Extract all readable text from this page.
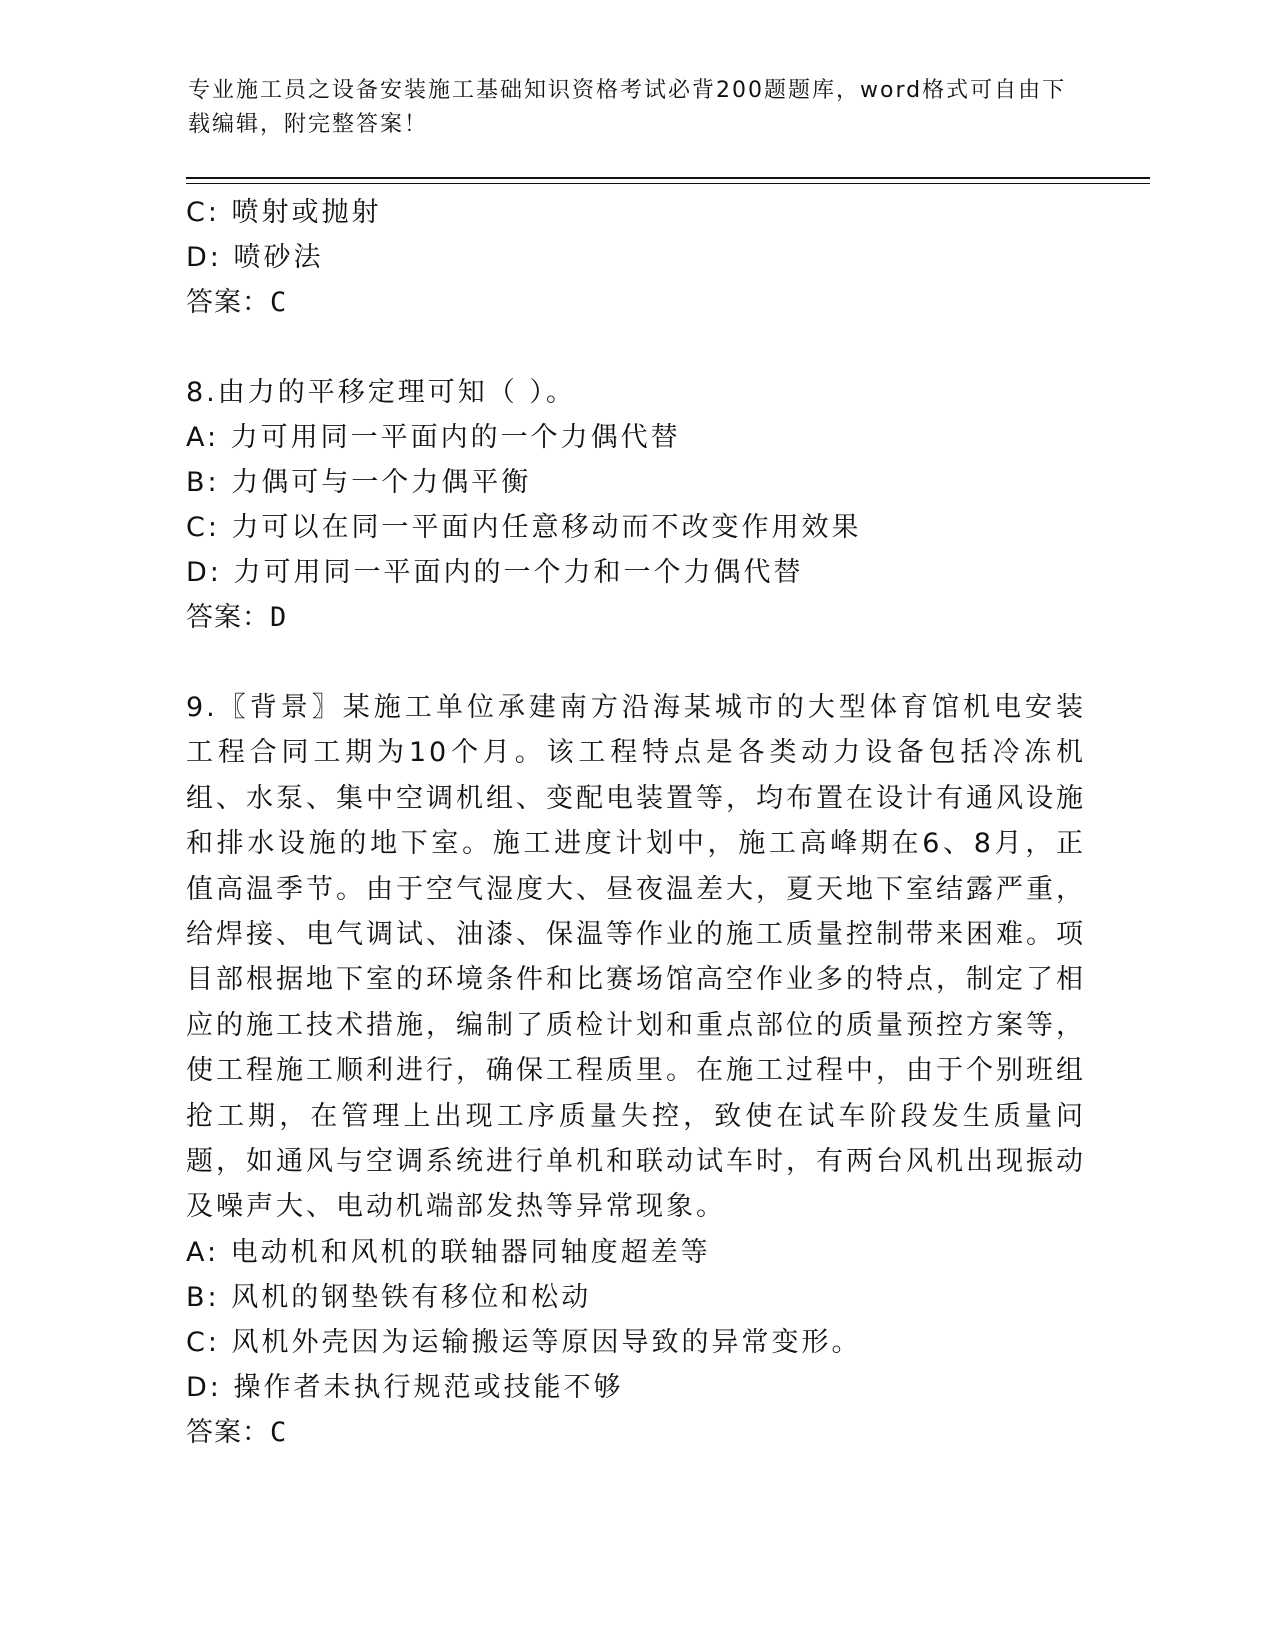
专业施工员之设备安装施工基础知识资格考试必背200题题库，word格式可自由下载编辑，附完整答案！
C: 喷射或抛射
D: 喷砂法
答案：C
8.由力的平移定理可知（ ）。
A: 力可用同一平面内的一个力偶代替
B: 力偶可与一个力偶平衡
C: 力可以在同一平面内任意移动而不改变作用效果
D: 力可用同一平面内的一个力和一个力偶代替
答案：D

9.〖背景〗某施工单位承建南方沿海某城市的大型体育馆机电安装工程合同工期为10个月。该工程特点是各类动力设备包括冷冻机组、水泵、集中空调机组、变配电装置等，均布置在设计有通风设施和排水设施的地下室。施工进度计划中，施工高峰期在6、8月，正值高温季节。由于空气湿度大、昼夜温差大，夏天地下室结露严重，给焊接、电气调试、油漆、保温等作业的施工质量控制带来困难。项目部根据地下室的环境条件和比赛场馆高空作业多的特点，制定了相应的施工技术措施，编制了质检计划和重点部位的质量预控方案等，使工程施工顺利进行，确保工程质里。在施工过程中，由于个别班组抢工期，在管理上出现工序质量失控，致使在试车阶段发生质量问题，如通风与空调系统进行单机和联动试车时，有两台风机出现振动及噪声大、电动机端部发热等异常现象。

A: 电动机和风机的联轴器同轴度超差等
B: 风机的钢垫铁有移位和松动
C: 风机外壳因为运输搬运等原因导致的异常变形。
D: 操作者未执行规范或技能不够
答案：C
